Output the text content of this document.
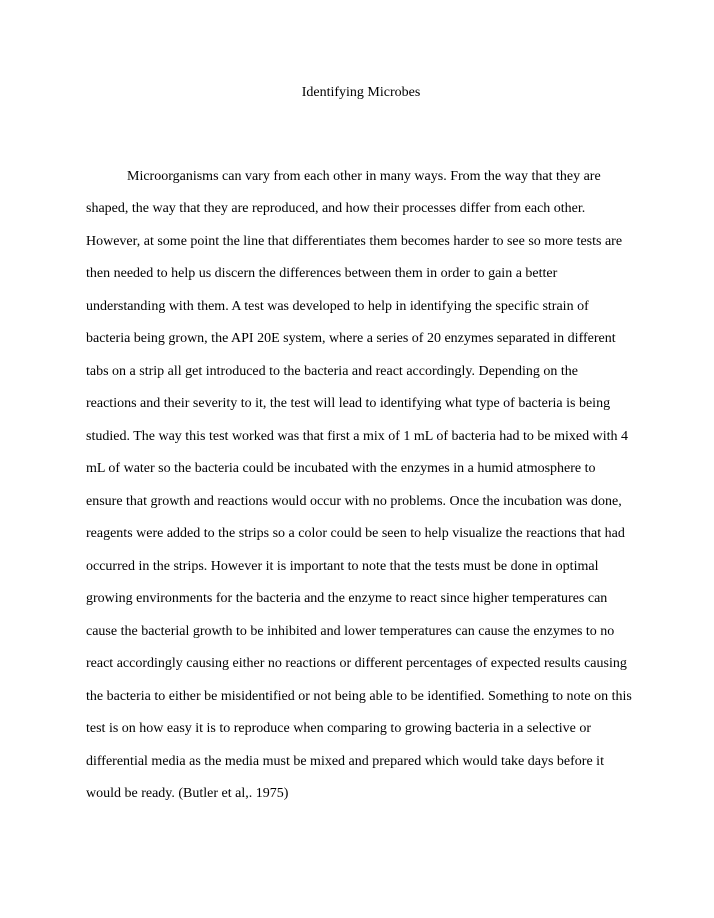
Identifying Microbes
Microorganisms can vary from each other in many ways. From the way that they are
shaped, the way that they are reproduced, and how their processes differ from each other.
However, at some point the line that differentiates them becomes harder to see so more tests are
then needed to help us discern the differences between them in order to gain a better
understanding with them. A test was developed to help in identifying the specific strain of
bacteria being grown, the API 20E system, where a series of 20 enzymes separated in different
tabs on a strip all get introduced to the bacteria and react accordingly. Depending on the
reactions and their severity to it, the test will lead to identifying what type of bacteria is being
studied. The way this test worked was that first a mix of 1 mL of bacteria had to be mixed with 4
mL of water so the bacteria could be incubated with the enzymes in a humid atmosphere to
ensure that growth and reactions would occur with no problems. Once the incubation was done,
reagents were added to the strips so a color could be seen to help visualize the reactions that had
occurred in the strips. However it is important to note that the tests must be done in optimal
growing environments for the bacteria and the enzyme to react since higher temperatures can
cause the bacterial growth to be inhibited and lower temperatures can cause the enzymes to no
react accordingly causing either no reactions or different percentages of expected results causing
the bacteria to either be misidentified or not being able to be identified. Something to note on this
test is on how easy it is to reproduce when comparing to growing bacteria in a selective or
differential media as the media must be mixed and prepared which would take days before it
would be ready. (Butler et al,. 1975)
